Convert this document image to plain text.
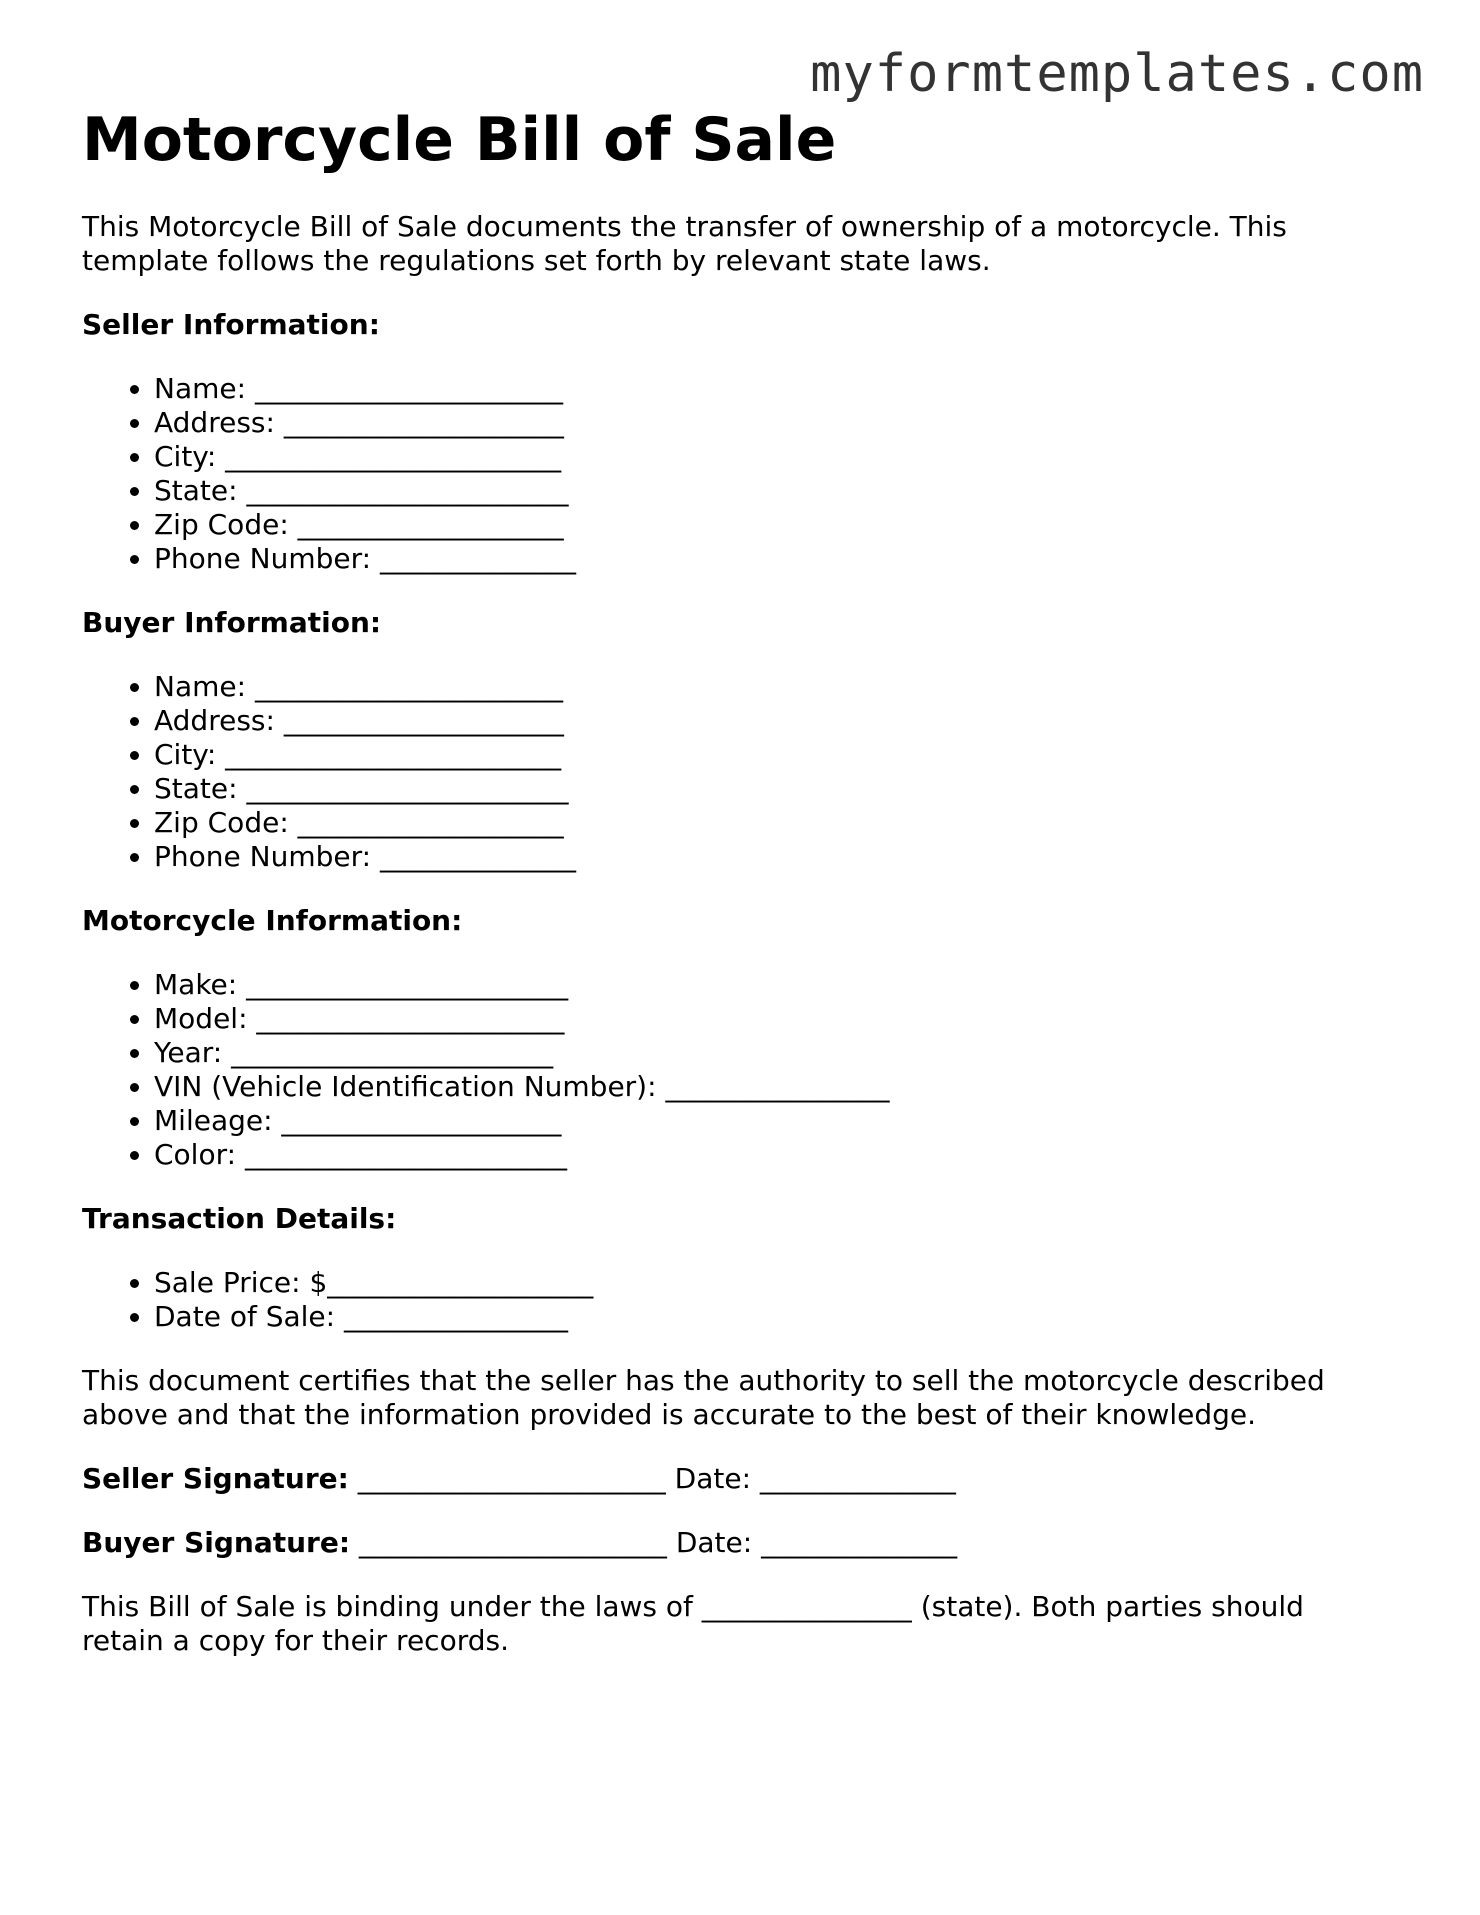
myformtemplates.com
Motorcycle Bill of Sale

This Motorcycle Bill of Sale documents the transfer of ownership of a motorcycle. This template follows the regulations set forth by relevant state laws.

Seller Information:
• Name: ______________________
• Address: ____________________
• City: ________________________
• State: _______________________
• Zip Code: ___________________
• Phone Number: ______________
Buyer Information:
• Name: ______________________
• Address: ____________________
• City: ________________________
• State: _______________________
• Zip Code: ___________________
• Phone Number: ______________
Motorcycle Information:
• Make: _______________________
• Model: ______________________
• Year: _______________________
• VIN (Vehicle Identification Number): ________________
• Mileage: ____________________
• Color: _______________________
Transaction Details:
• Sale Price: $___________________
• Date of Sale: ________________

This document certifies that the seller has the authority to sell the motorcycle described above and that the information provided is accurate to the best of their knowledge.

Seller Signature: ______________________ Date: ______________
Buyer Signature: ______________________ Date: ______________

This Bill of Sale is binding under the laws of _______________ (state). Both parties should retain a copy for their records.
